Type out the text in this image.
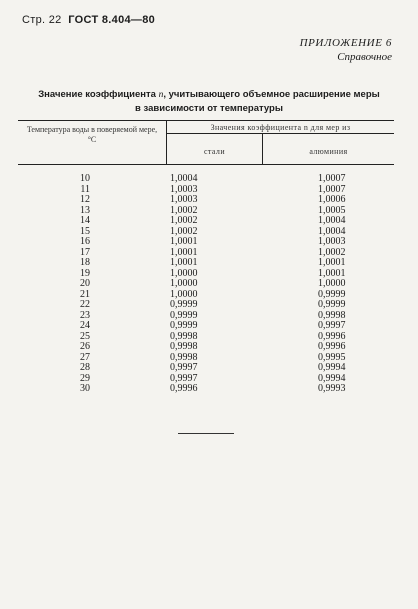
Стр. 22 ГОСТ 8.404—80
ПРИЛОЖЕНИЕ 6
Справочное
Значение коэффициента n, учитывающего объемное расширение меры
в зависимости от температуры
Температура воды в поверяемой мере, °С
Значения коэффициента n для мер из
стали	алюминия
10	1,0004	1,0007
11	1,0003	1,0007
12	1,0003	1,0006
13	1,0002	1,0005
14	1,0002	1,0004
15	1,0002	1,0004
16	1,0001	1,0003
17	1,0001	1,0002
18	1,0001	1,0001
19	1,0000	1,0001
20	1,0000	1,0000
21	1,0000	0,9999
22	0,9999	0,9999
23	0,9999	0,9998
24	0,9999	0,9997
25	0,9998	0,9996
26	0,9998	0,9996
27	0,9998	0,9995
28	0,9997	0,9994
29	0,9997	0,9994
30	0,9996	0,9993
